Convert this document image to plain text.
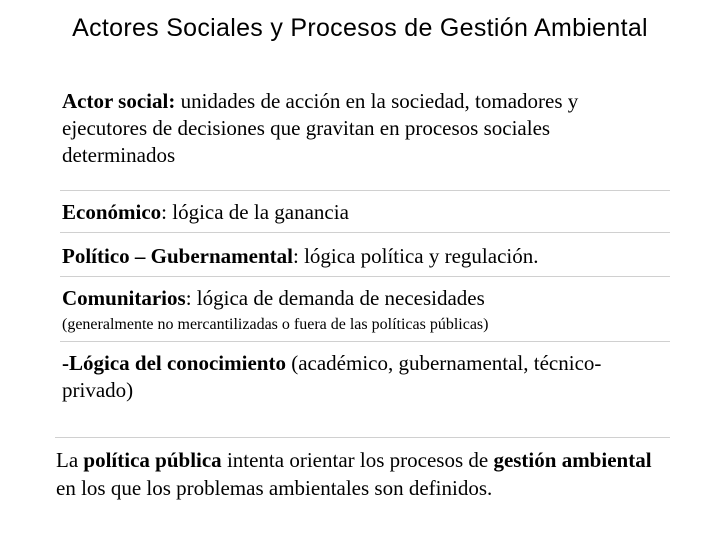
Actores Sociales y Procesos de Gestión Ambiental
Actor social: unidades de acción en la sociedad, tomadores y ejecutores de decisiones que gravitan en procesos sociales determinados
Económico: lógica de la ganancia
Político – Gubernamental: lógica política y regulación.
Comunitarios: lógica de demanda de necesidades
(generalmente no mercantilizadas o fuera de las políticas públicas)
-Lógica del conocimiento (académico, gubernamental, técnico-privado)
La política pública intenta orientar los procesos de gestión ambiental en los que los problemas ambientales son definidos.
